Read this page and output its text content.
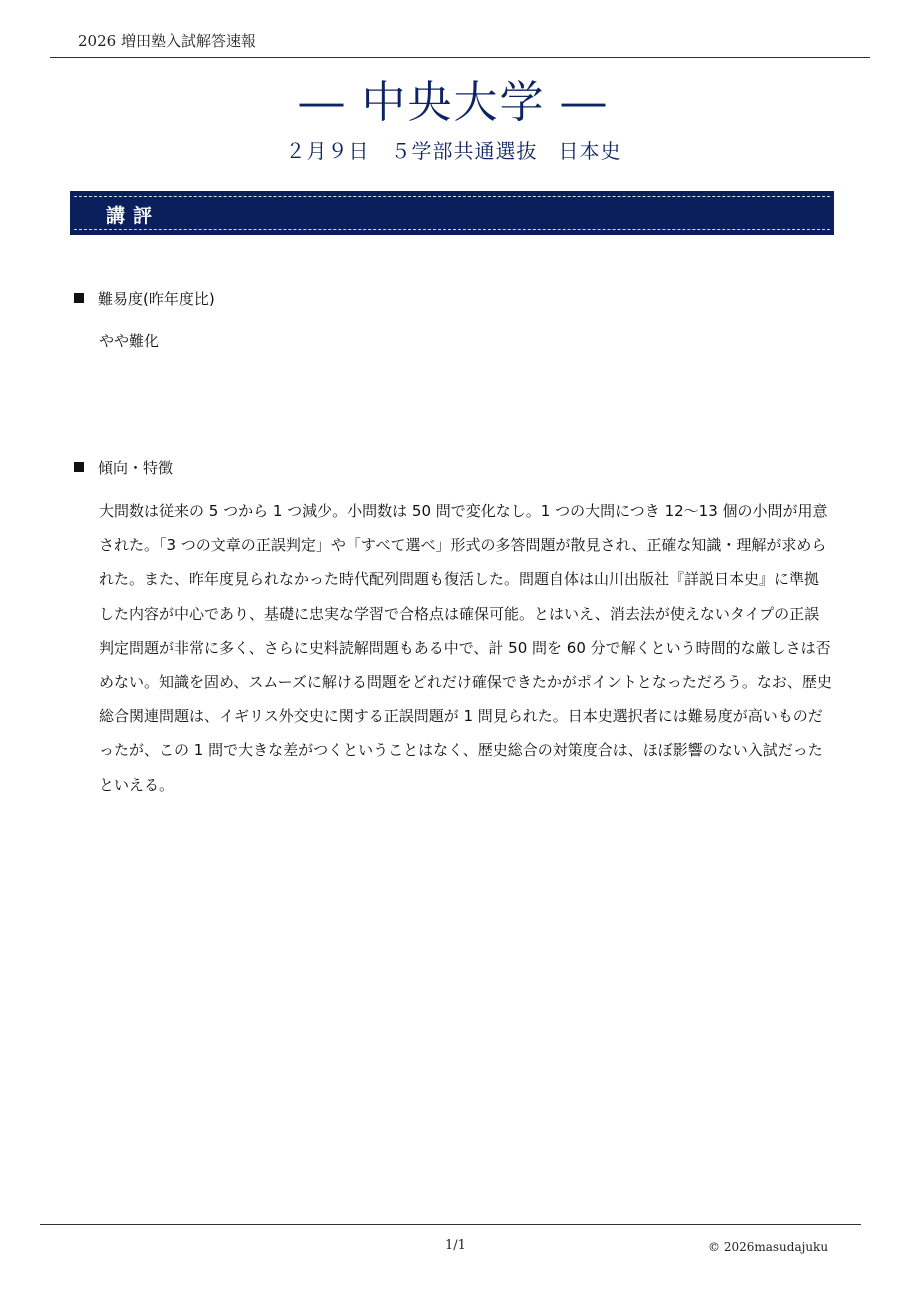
2026 増田塾入試解答速報
― 中央大学 ―
２月９日　５学部共通選抜　日本史
講評
難易度(昨年度比)
やや難化
傾向・特徴
大問数は従来の 5 つから 1 つ減少。小問数は 50 問で変化なし。1 つの大問につき 12～13 個の小問が用意された。「3 つの文章の正誤判定」や「すべて選べ」形式の多答問題が散見され、正確な知識・理解が求められた。また、昨年度見られなかった時代配列問題も復活した。問題自体は山川出版社『詳説日本史』に準拠した内容が中心であり、基礎に忠実な学習で合格点は確保可能。とはいえ、消去法が使えないタイプの正誤判定問題が非常に多く、さらに史料読解問題もある中で、計 50 問を 60 分で解くという時間的な厳しさは否めない。知識を固め、スムーズに解ける問題をどれだけ確保できたかがポイントとなっただろう。なお、歴史総合関連問題は、イギリス外交史に関する正誤問題が 1 問見られた。日本史選択者には難易度が高いものだったが、この 1 問で大きな差がつくということはなく、歴史総合の対策度合は、ほぼ影響のない入試だったといえる。
1/1	© 2026masudajuku
